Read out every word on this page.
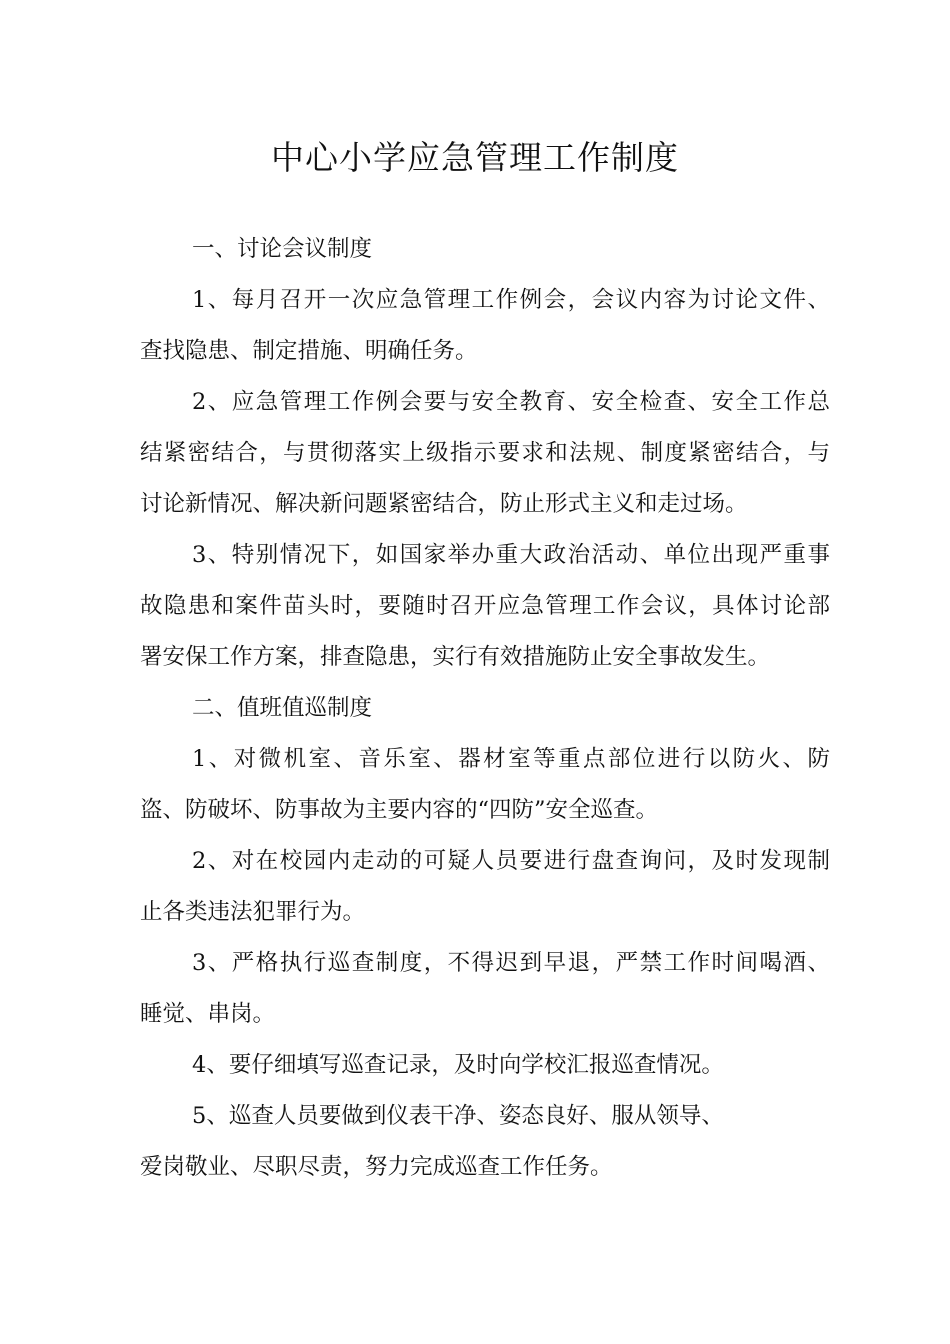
中心小学应急管理工作制度
一、讨论会议制度
1、每月召开一次应急管理工作例会，会议内容为讨论文件、
查找隐患、制定措施、明确任务。
2、应急管理工作例会要与安全教育、安全检查、安全工作总
结紧密结合，与贯彻落实上级指示要求和法规、制度紧密结合，与
讨论新情况、解决新问题紧密结合，防止形式主义和走过场。
3、特别情况下，如国家举办重大政治活动、单位出现严重事
故隐患和案件苗头时，要随时召开应急管理工作会议，具体讨论部
署安保工作方案，排查隐患，实行有效措施防止安全事故发生。
二、值班值巡制度
1、对微机室、音乐室、器材室等重点部位进行以防火、防
盗、防破坏、防事故为主要内容的“四防”安全巡查。
2、对在校园内走动的可疑人员要进行盘查询问，及时发现制
止各类违法犯罪行为。
3、严格执行巡查制度，不得迟到早退，严禁工作时间喝酒、
睡觉、串岗。
4、要仔细填写巡查记录，及时向学校汇报巡查情况。
5、巡查人员要做到仪表干净、姿态良好、服从领导、
爱岗敬业、尽职尽责，努力完成巡查工作任务。
